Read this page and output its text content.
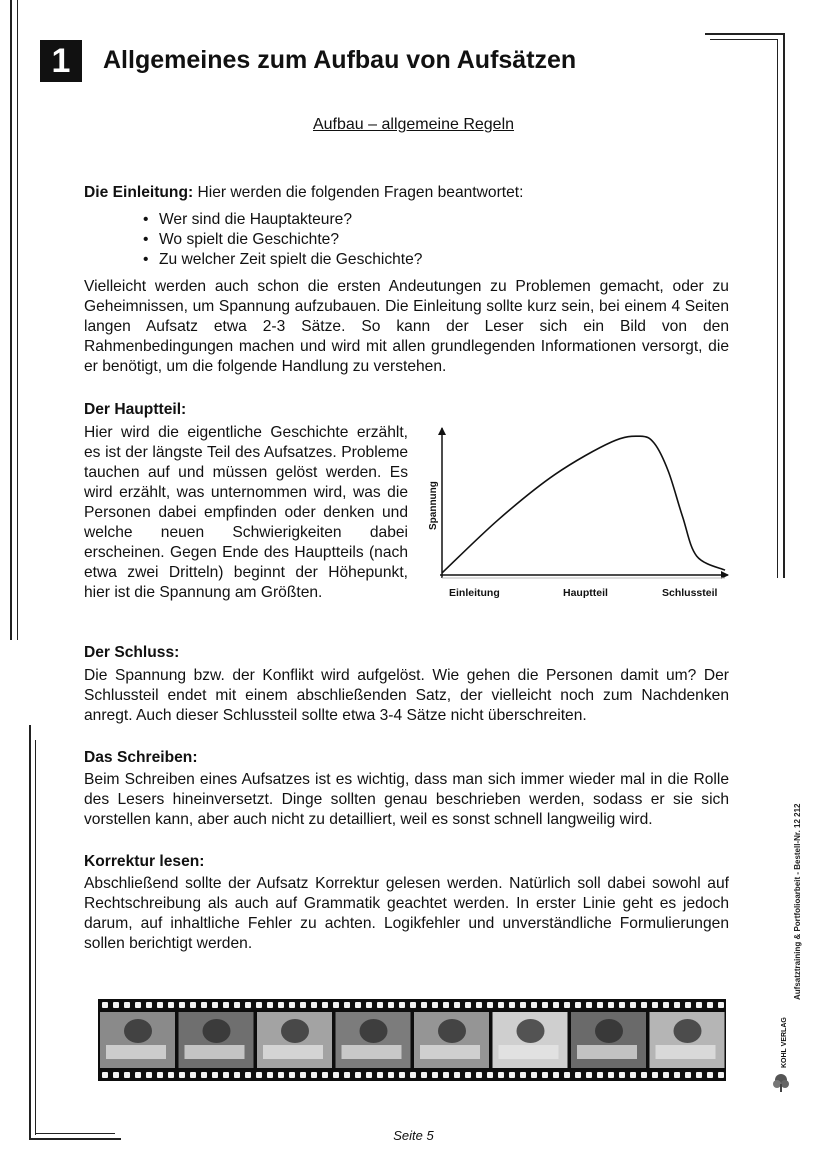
1	Allgemeines zum Aufbau von Aufsätzen
Aufbau – allgemeine Regeln
Die Einleitung: Hier werden die folgenden Fragen beantwortet:
• Wer sind die Hauptakteure?
• Wo spielt die Geschichte?
• Zu welcher Zeit spielt die Geschichte?
Vielleicht werden auch schon die ersten Andeutungen zu Problemen gemacht, oder zu Geheimnissen, um Spannung aufzubauen. Die Einleitung sollte kurz sein, bei einem 4 Seiten langen Aufsatz etwa 2-3 Sätze. So kann der Leser sich ein Bild von den Rahmenbedingungen machen und wird mit allen grundlegenden Informationen versorgt, die er benötigt, um die folgende Handlung zu verstehen.
Der Hauptteil:
Hier wird die eigentliche Geschichte erzählt, es ist der längste Teil des Aufsatzes. Probleme tauchen auf und müssen gelöst werden. Es wird erzählt, was unternommen wird, was die Personen dabei empfinden oder denken und welche neuen Schwierigkeiten dabei erscheinen. Gegen Ende des Hauptteils (nach etwa zwei Dritteln) beginnt der Höhepunkt, hier ist die Spannung am Größten.
Spannung
Einleitung	Hauptteil	Schlussteil
Der Schluss:
Die Spannung bzw. der Konflikt wird aufgelöst. Wie gehen die Personen damit um? Der Schlussteil endet mit einem abschließenden Satz, der vielleicht noch zum Nachdenken anregt. Auch dieser Schlussteil sollte etwa 3-4 Sätze nicht überschreiten.
Das Schreiben:
Beim Schreiben eines Aufsatzes ist es wichtig, dass man sich immer wieder mal in die Rolle des Lesers hineinversetzt. Dinge sollten genau beschrieben werden, sodass er sie sich vorstellen kann, aber auch nicht zu detailliert, weil es sonst schnell langweilig wird.
Korrektur lesen:
Abschließend sollte der Aufsatz Korrektur gelesen werden. Natürlich soll dabei sowohl auf Rechtschreibung als auch auf Grammatik geachtet werden. In erster Linie geht es jedoch darum, auf inhaltliche Fehler zu achten. Logikfehler und unverständliche Formulierungen sollen berichtigt werden.	Aufsatztraining & Portfolioarbeit - Bestell-Nr. 12 212
KOHL VERLAG
Seite 5
